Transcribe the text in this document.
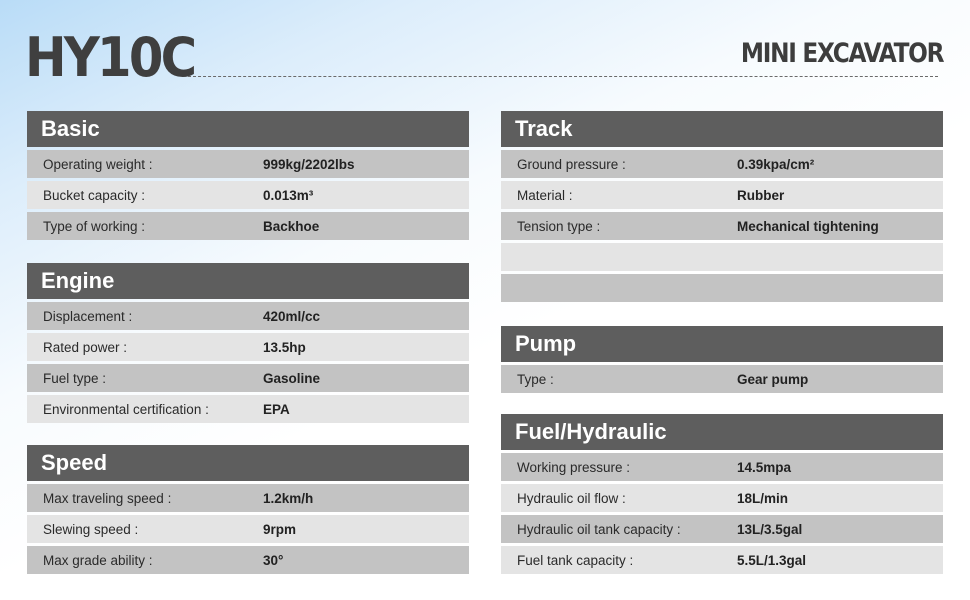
HY10C	MINI EXCAVATOR
Basic
Operating weight :	999kg/2202lbs
Bucket capacity :	0.013m³
Type of working :	Backhoe
Engine
Displacement :	420ml/cc
Rated power :	13.5hp
Fuel type :	Gasoline
Environmental certification :	EPA
Speed
Max traveling speed :	1.2km/h
Slewing speed :	9rpm
Max grade ability :	30°
Track
Ground pressure :	0.39kpa/cm²
Material :	Rubber
Tension type :	Mechanical tightening
Pump
Type :	Gear pump
Fuel/Hydraulic
Working pressure :	14.5mpa
Hydraulic oil flow :	18L/min
Hydraulic oil tank capacity :	13L/3.5gal
Fuel tank capacity :	5.5L/1.3gal
